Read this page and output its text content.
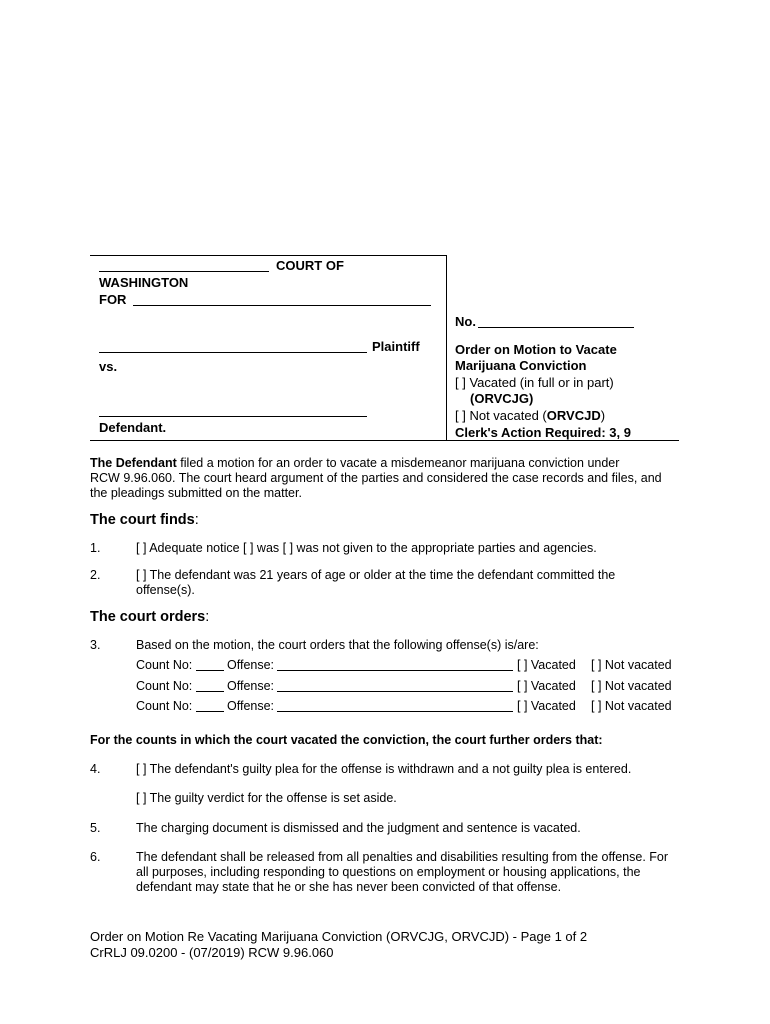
COURT OF
WASHINGTON
FOR
Plaintiff
vs.
Defendant.
No.
Order on Motion to Vacate
Marijuana Conviction
[ ] Vacated (in full or in part)
(ORVCJG)
[ ] Not vacated (ORVCJD)
Clerk's Action Required: 3, 9
The Defendant filed a motion for an order to vacate a misdemeanor marijuana conviction under
RCW 9.96.060. The court heard argument of the parties and considered the case records and files, and
the pleadings submitted on the matter.
The court finds:
1.	[ ] Adequate notice [ ] was [ ] was not given to the appropriate parties and agencies.
2.	[ ] The defendant was 21 years of age or older at the time the defendant committed the
offense(s).
The court orders:
3.	Based on the motion, the court orders that the following offense(s) is/are:
Count No:	Offense:	[ ] Vacated [ ] Not vacated
Count No:	Offense:	[ ] Vacated [ ] Not vacated
Count No:	Offense:	[ ] Vacated [ ] Not vacated
For the counts in which the court vacated the conviction, the court further orders that:
4.	[ ] The defendant's guilty plea for the offense is withdrawn and a not guilty plea is entered.
[ ] The guilty verdict for the offense is set aside.
5.	The charging document is dismissed and the judgment and sentence is vacated.
6.	The defendant shall be released from all penalties and disabilities resulting from the offense. For
all purposes, including responding to questions on employment or housing applications, the
defendant may state that he or she has never been convicted of that offense.
Order on Motion Re Vacating Marijuana Conviction (ORVCJG, ORVCJD) - Page 1 of 2
CrRLJ 09.0200 - (07/2019) RCW 9.96.060
